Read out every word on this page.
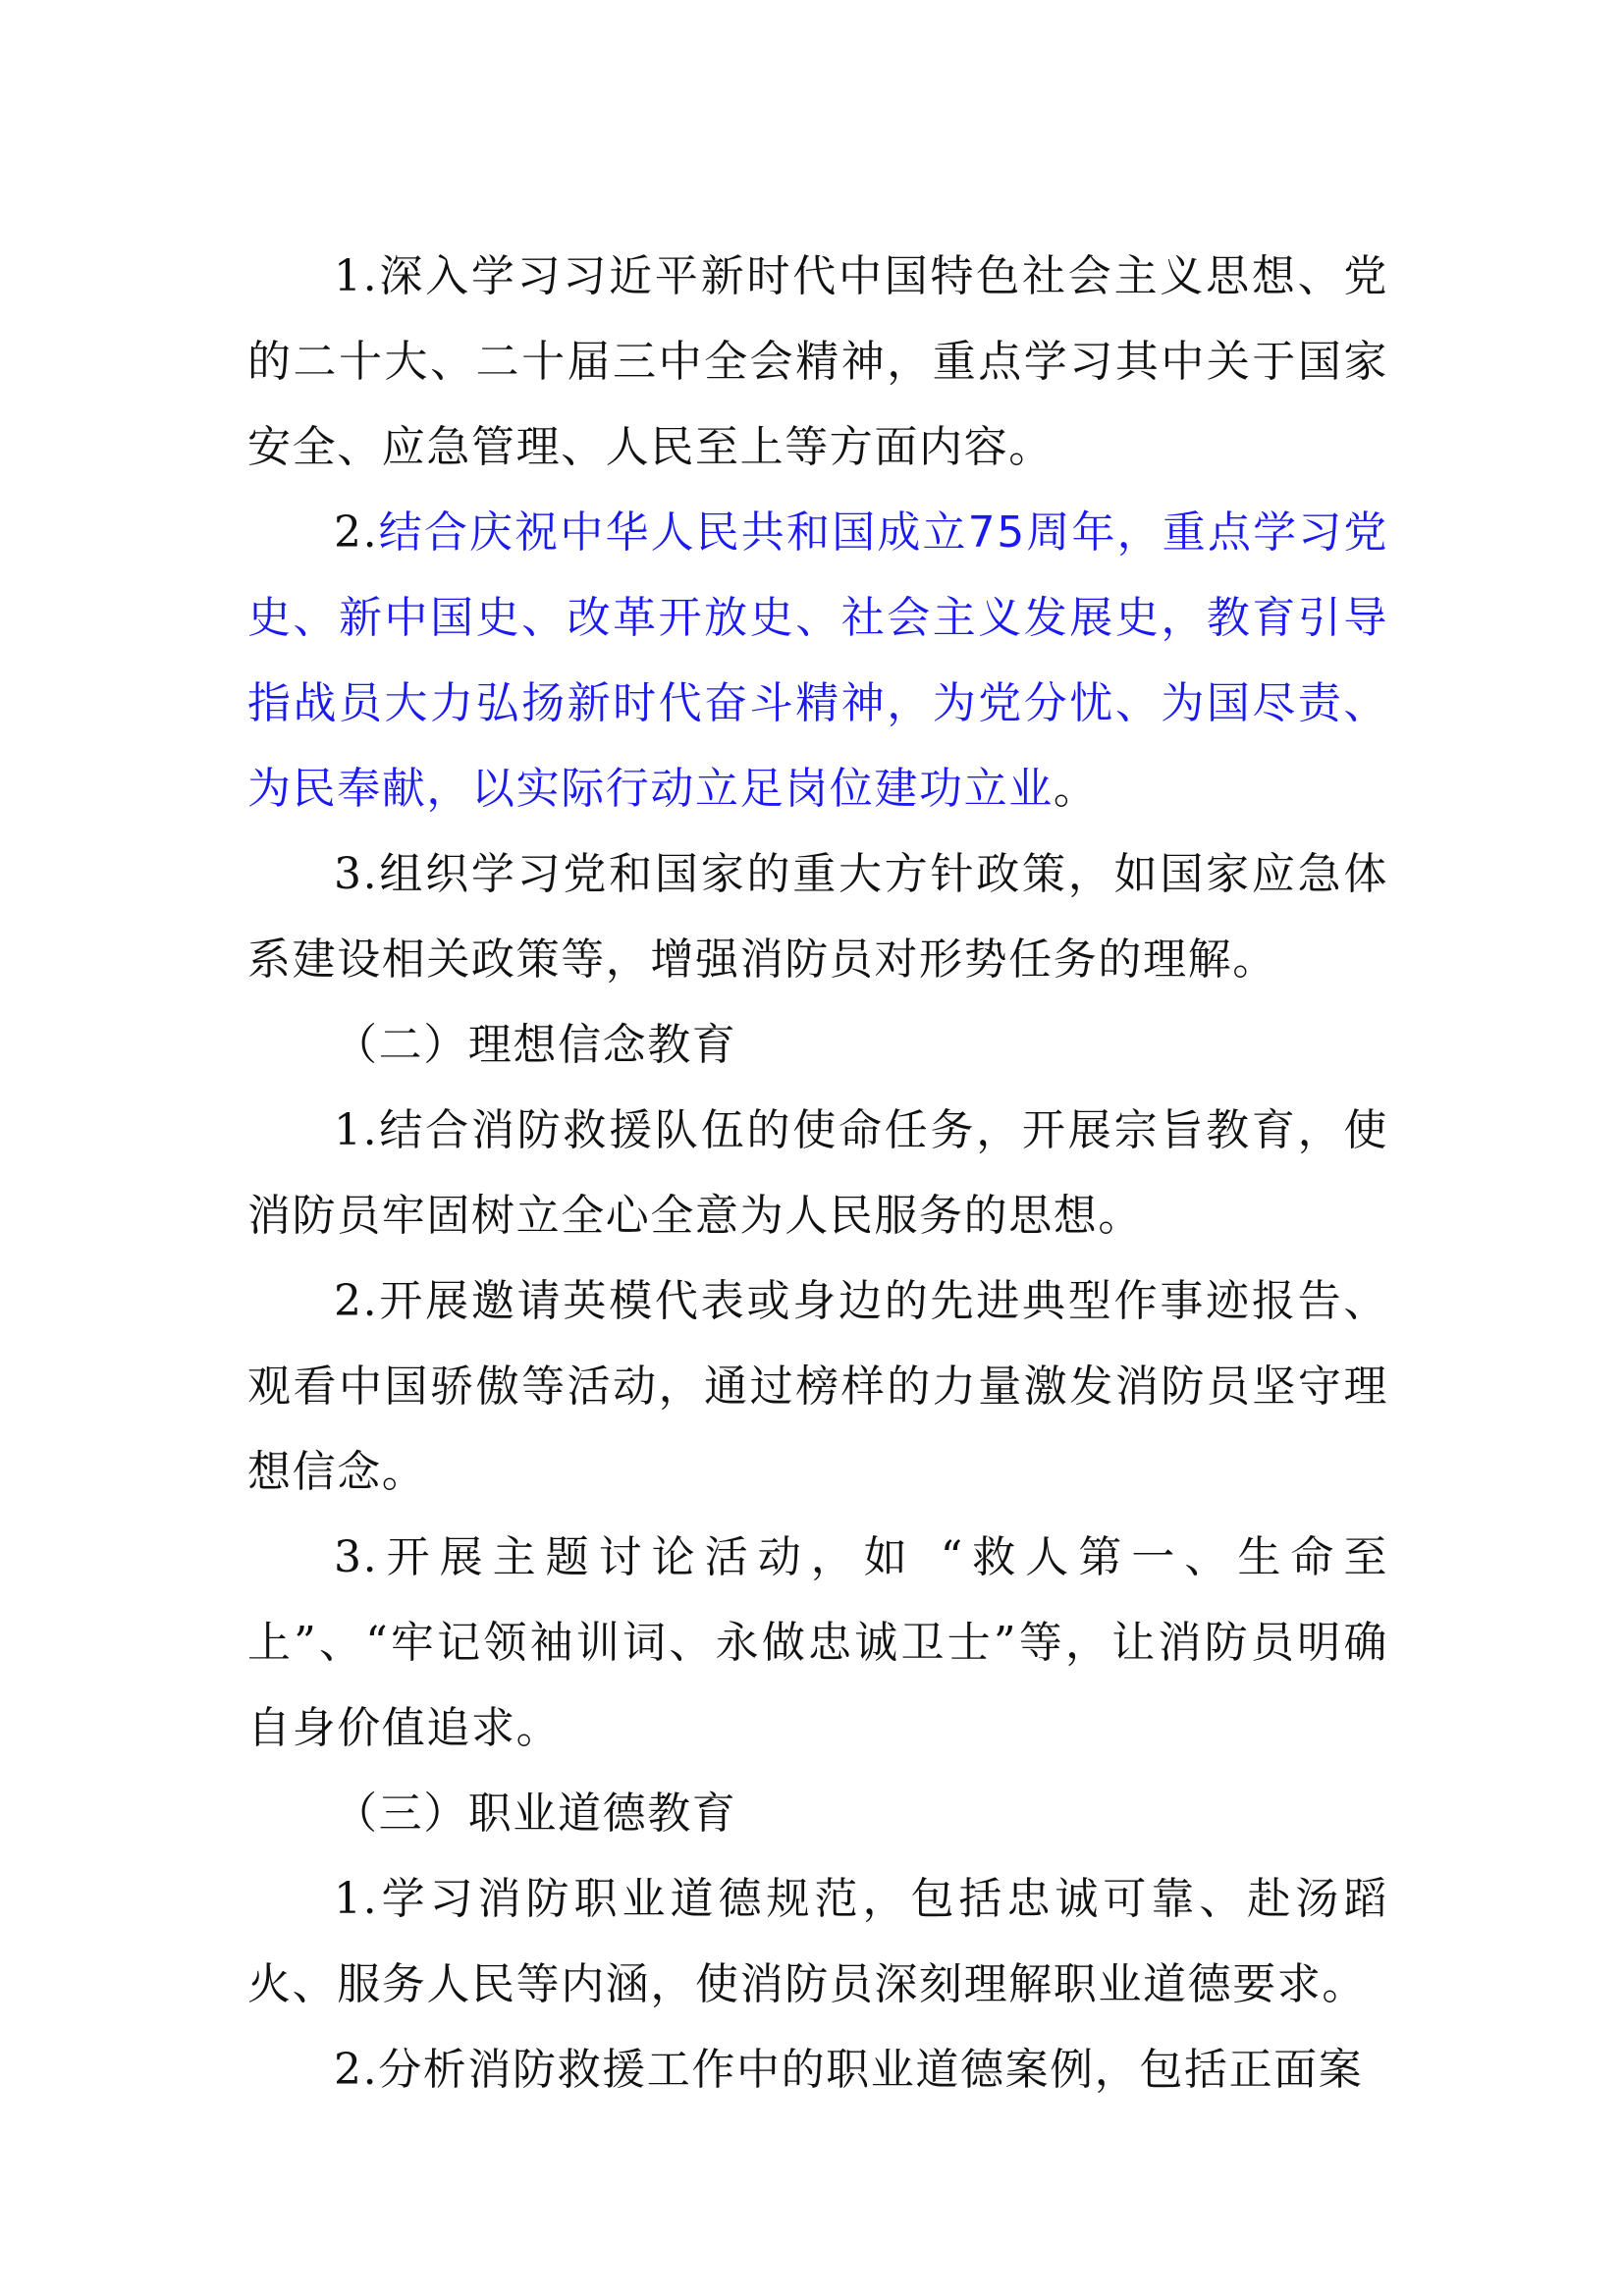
1.深入学习习近平新时代中国特色社会主义思想、党的二十大、二十届三中全会精神，重点学习其中关于国家安全、应急管理、人民至上等方面内容。

2.结合庆祝中华人民共和国成立75周年，重点学习党史、新中国史、改革开放史、社会主义发展史，教育引导指战员大力弘扬新时代奋斗精神，为党分忧、为国尽责、为民奉献，以实际行动立足岗位建功立业。

3.组织学习党和国家的重大方针政策，如国家应急体系建设相关政策等，增强消防员对形势任务的理解。

（二）理想信念教育

1.结合消防救援队伍的使命任务，开展宗旨教育，使消防员牢固树立全心全意为人民服务的思想。

2.开展邀请英模代表或身边的先进典型作事迹报告、观看中国骄傲等活动，通过榜样的力量激发消防员坚守理想信念。

3.开展主题讨论活动，如 “救人第一、生命至上”、“牢记领袖训词、永做忠诚卫士”等，让消防员明确自身价值追求。

（三）职业道德教育

1.学习消防职业道德规范，包括忠诚可靠、赴汤蹈火、服务人民等内涵，使消防员深刻理解职业道德要求。

2.分析消防救援工作中的职业道德案例，包括正面案
